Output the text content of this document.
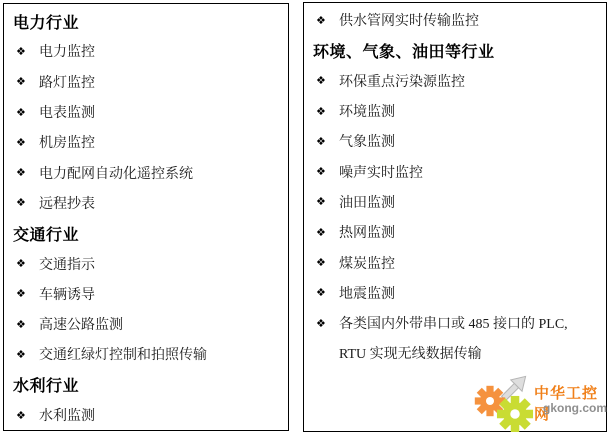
电力行业
❖ 电力监控
❖ 路灯监控
❖ 电表监测
❖ 机房监控
❖ 电力配网自动化遥控系统
❖ 远程抄表
交通行业
❖ 交通指示
❖ 车辆诱导
❖ 高速公路监测
❖ 交通红绿灯控制和拍照传输
水利行业
❖ 水利监测
❖ 供水管网实时传输监控
环境、气象、油田等行业
❖ 环保重点污染源监控
❖ 环境监测
❖ 气象监测
❖ 噪声实时监控
❖ 油田监测
❖ 热网监测
❖ 煤炭监控
❖ 地震监测
❖ 各类国内外带串口或 485 接口的 PLC,
RTU 实现无线数据传输
中华工控网
gkong.com
